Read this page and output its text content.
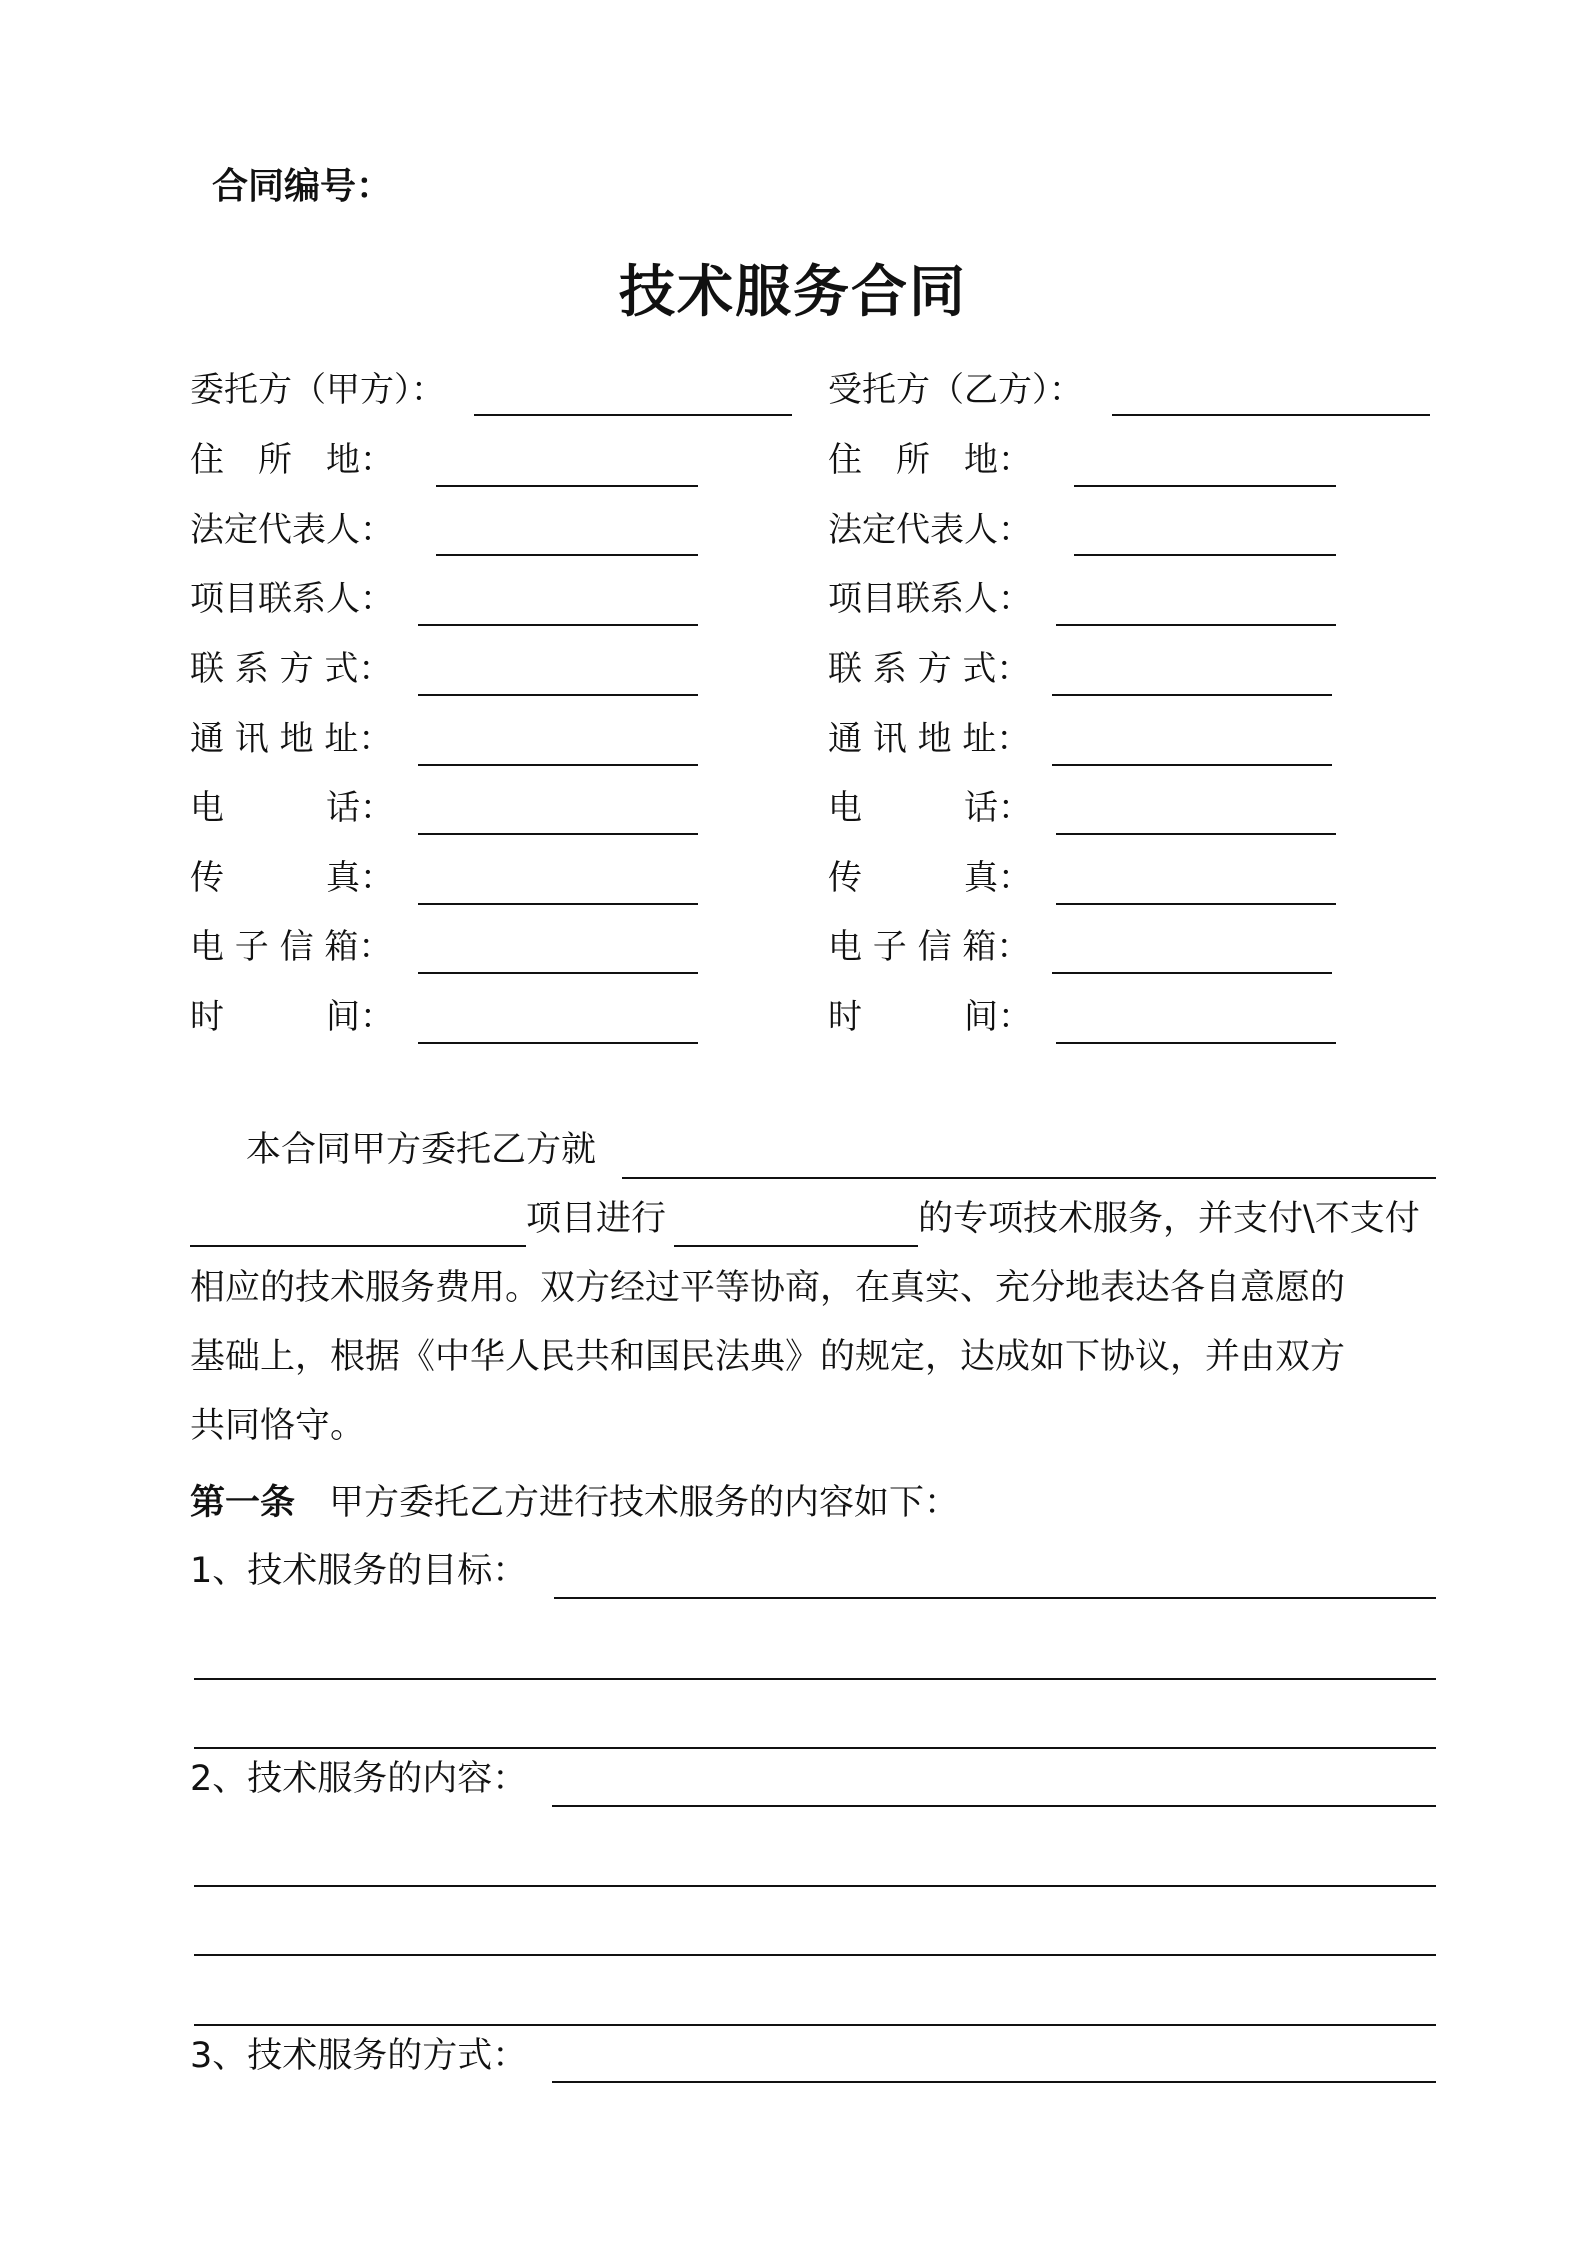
合同编号：
技术服务合同
委托方（甲方）：
住　所　地：
法定代表人：
项目联系人：
联 系 方 式：
通 讯 地 址：
电　　　话：
传　　　真：
电 子 信 箱：
时　　　间：
受托方（乙方）：
住　所　地：
法定代表人：
项目联系人：
联 系 方 式：
通 讯 地 址：
电　　　话：
传　　　真：
电 子 信 箱：
时　　　间：
本合同甲方委托乙方就
项目进行	的专项技术服务，并支付\不支付
相应的技术服务费用。双方经过平等协商，在真实、充分地表达各自意愿的
基础上，根据《中华人民共和国民法典》的规定，达成如下协议，并由双方
共同恪守。
第一条 甲方委托乙方进行技术服务的内容如下：
1、技术服务的目标：
2、技术服务的内容：
3、技术服务的方式：
